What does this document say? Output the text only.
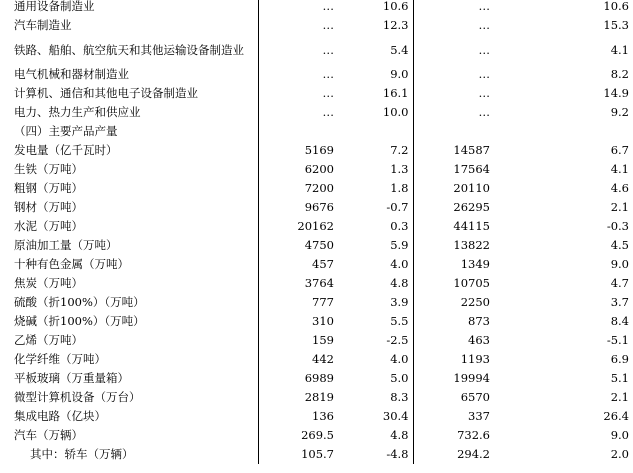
通用设备制造业	…	10.6	…	10.6
汽车制造业	…	12.3	…	15.3
铁路、船舶、航空航天和其他运输设备制造业	…	5.4	…	4.1
电气机械和器材制造业	…	9.0	…	8.2
计算机、通信和其他电子设备制造业	…	16.1	…	14.9
电力、热力生产和供应业	…	10.0	…	9.2
（四）主要产品产量				
发电量（亿千瓦时）	5169	7.2	14587	6.7
生铁（万吨）	6200	1.3	17564	4.1
粗钢（万吨）	7200	1.8	20110	4.6
钢材（万吨）	9676	-0.7	26295	2.1
水泥（万吨）	20162	0.3	44115	-0.3
原油加工量（万吨）	4750	5.9	13822	4.5
十种有色金属（万吨）	457	4.0	1349	9.0
焦炭（万吨）	3764	4.8	10705	4.7
硫酸（折100%）（万吨）	777	3.9	2250	3.7
烧碱（折100%）（万吨）	310	5.5	873	8.4
乙烯（万吨）	159	-2.5	463	-5.1
化学纤维（万吨）	442	4.0	1193	6.9
平板玻璃（万重量箱）	6989	5.0	19994	5.1
微型计算机设备（万台）	2819	8.3	6570	2.1
集成电路（亿块）	136	30.4	337	26.4
汽车（万辆）	269.5	4.8	732.6	9.0
其中：轿车（万辆）	105.7	-4.8	294.2	2.0
